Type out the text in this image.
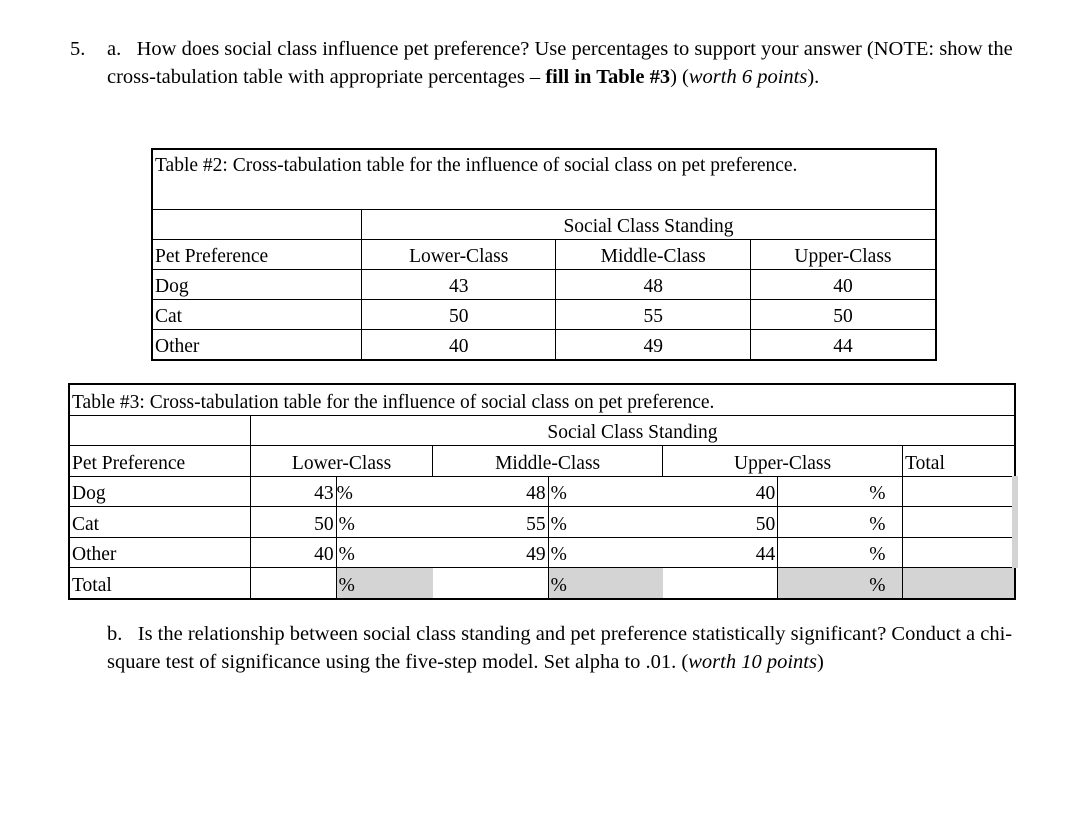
5. a. How does social class influence pet preference? Use percentages to support your answer (NOTE: show the cross-tabulation table with appropriate percentages – fill in Table #3) (worth 6 points).
Table #2: Cross-tabulation table for the influence of social class on pet preference.			
	Social Class Standing		
Pet Preference	Lower-Class	Middle-Class	Upper-Class
Dog	43	48	40
Cat	50	55	50
Other	40	49	44
Table #3: Cross-tabulation table for the influence of social class on pet preference.							
	Social Class Standing						
Pet Preference	Lower-Class		Middle-Class		Upper-Class		Total
Dog	43	%	48	%	40	%	
Cat	50	%	55	%	50	%	
Other	40	%	49	%	44	%	
Total		%		%		%	
b. Is the relationship between social class standing and pet preference statistically significant? Conduct a chi-square test of significance using the five-step model. Set alpha to .01. (worth 10 points)
